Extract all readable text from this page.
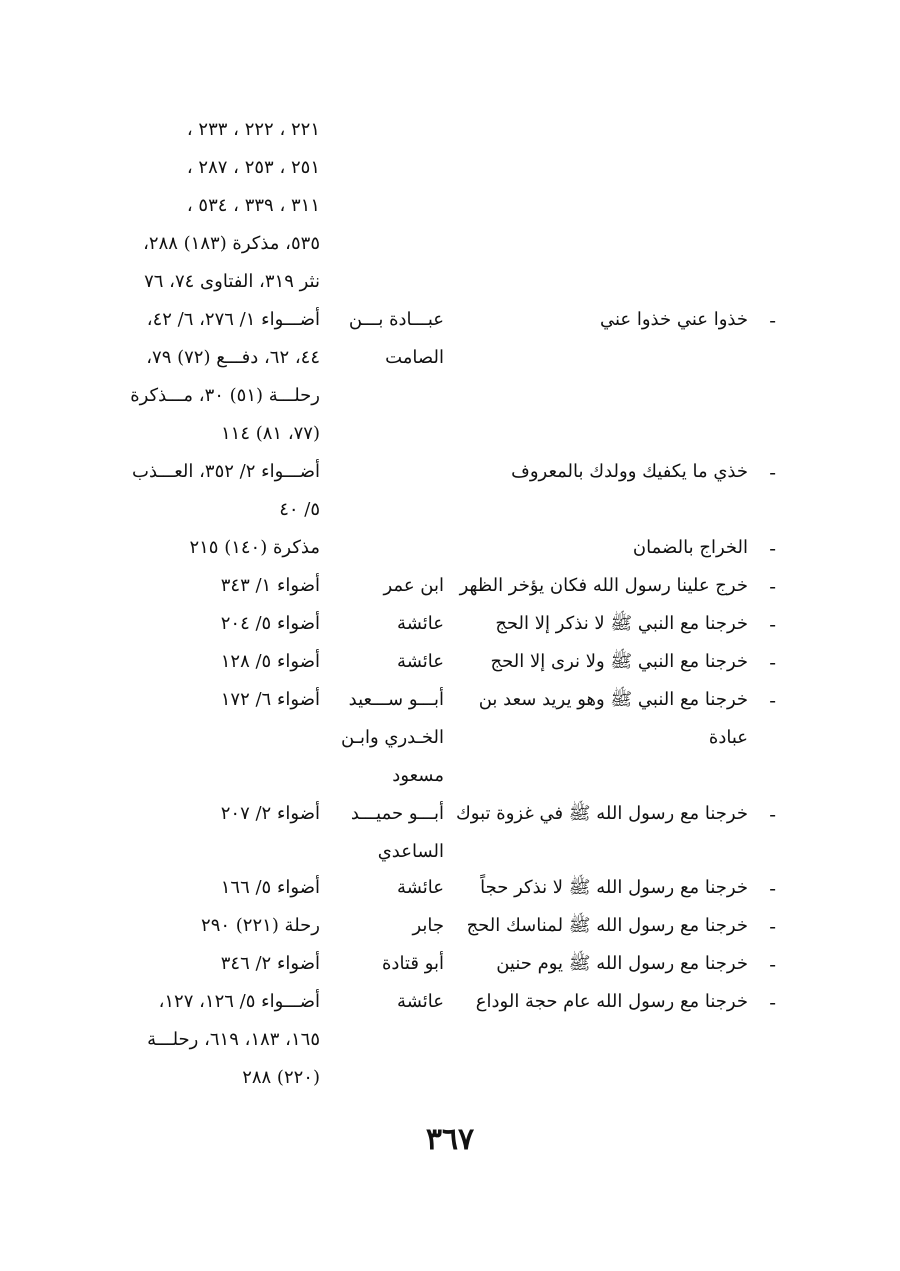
٢٢١ ، ٢٢٢ ، ٢٣٣ ،
٢٥١ ، ٢٥٣ ، ٢٨٧ ،
٣١١ ، ٣٣٩ ، ٥٣٤ ،
٥٣٥، مذكرة (١٨٣) ٢٨٨،
نثر ٣١٩، الفتاوى ٧٤، ٧٦
-
خذوا عني خذوا عني
عبـــادة بـــن
أضـــواء ١/ ٢٧٦، ٦/ ٤٢،
الصامت
٤٤، ٦٢، دفـــع (٧٢) ٧٩،
رحلـــة (٥١) ٣٠، مـــذكرة
(٧٧، ٨١) ١١٤
-
خذي ما يكفيك وولدك بالمعروف
أضـــواء ٢/ ٣٥٢، العـــذب
٥/ ٤٠
-
الخراج بالضمان
مذكرة (١٤٠) ٢١٥
-
خرج علينا رسول الله فكان يؤخر الظهر
ابن عمر
أضواء ١/ ٣٤٣
-
خرجنا مع النبي ﷺ لا نذكر إلا الحج
عائشة
أضواء ٥/ ٢٠٤
-
خرجنا مع النبي ﷺ ولا نرى إلا الحج
عائشة
أضواء ٥/ ١٢٨
-
خرجنا مع النبي ﷺ وهو يريد سعد بن
أبـــو ســـعيد
أضواء ٦/ ١٧٢
عبادة
الخـدري وابـن
مسعود
-
خرجنا مع رسول الله ﷺ في غزوة تبوك
أبـــو حميـــد
أضواء ٢/ ٢٠٧
الساعدي
-
خرجنا مع رسول الله ﷺ لا نذكر حجاً
عائشة
أضواء ٥/ ١٦٦
-
خرجنا مع رسول الله ﷺ لمناسك الحج
جابر
رحلة (٢٢١) ٢٩٠
-
خرجنا مع رسول الله ﷺ يوم حنين
أبو قتادة
أضواء ٢/ ٣٤٦
-
خرجنا مع رسول الله عام حجة الوداع
عائشة
أضـــواء ٥/ ١٢٦، ١٢٧،
١٦٥، ١٨٣، ٦١٩، رحلـــة
(٢٢٠) ٢٨٨
٣٦٧
